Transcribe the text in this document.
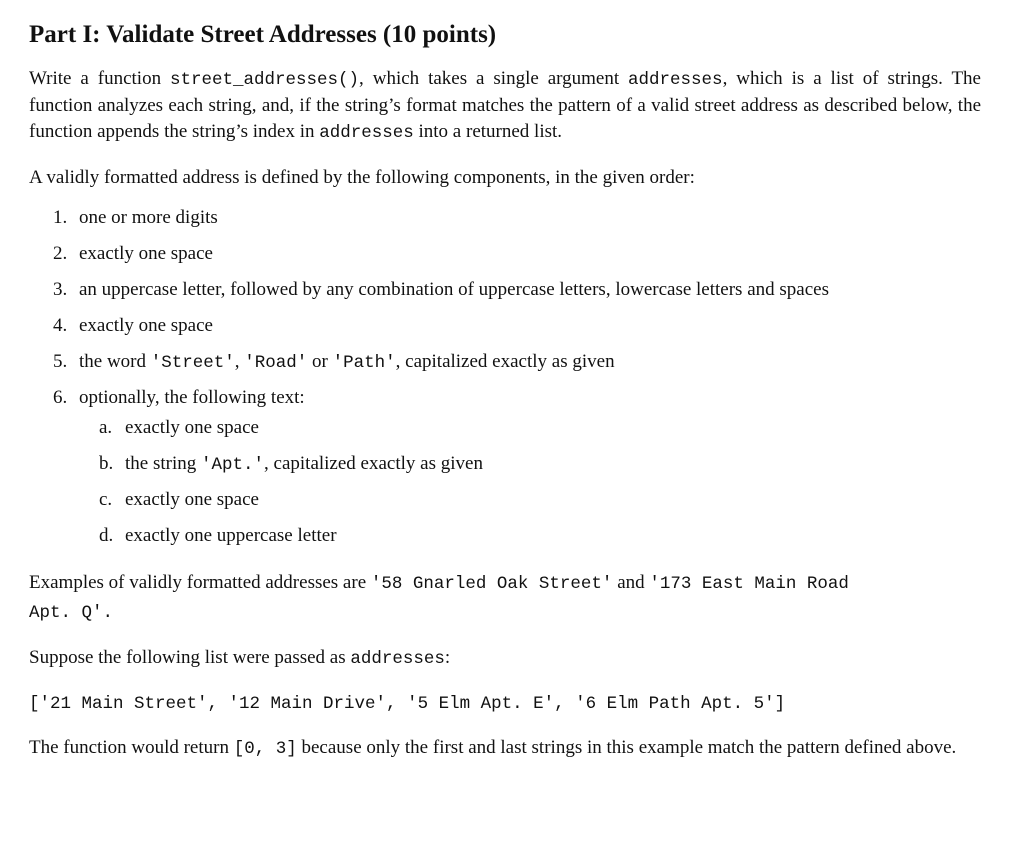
Part I: Validate Street Addresses (10 points)

Write a function street_addresses(), which takes a single argument addresses, which is a list of strings. The function analyzes each string, and, if the string’s format matches the pattern of a valid street address as described below, the function appends the string’s index in addresses into a returned list.

A validly formatted address is defined by the following components, in the given order:

1. one or more digits
2. exactly one space
3. an uppercase letter, followed by any combination of uppercase letters, lowercase letters and spaces
4. exactly one space
5. the word 'Street', 'Road' or 'Path', capitalized exactly as given
6. optionally, the following text:
a. exactly one space
b. the string 'Apt.', capitalized exactly as given
c. exactly one space
d. exactly one uppercase letter

Examples of validly formatted addresses are '58 Gnarled Oak Street' and '173 East Main Road
Apt. Q'.

Suppose the following list were passed as addresses:

['21 Main Street', '12 Main Drive', '5 Elm Apt. E', '6 Elm Path Apt. 5']

The function would return [0, 3] because only the first and last strings in this example match the pattern defined above.
